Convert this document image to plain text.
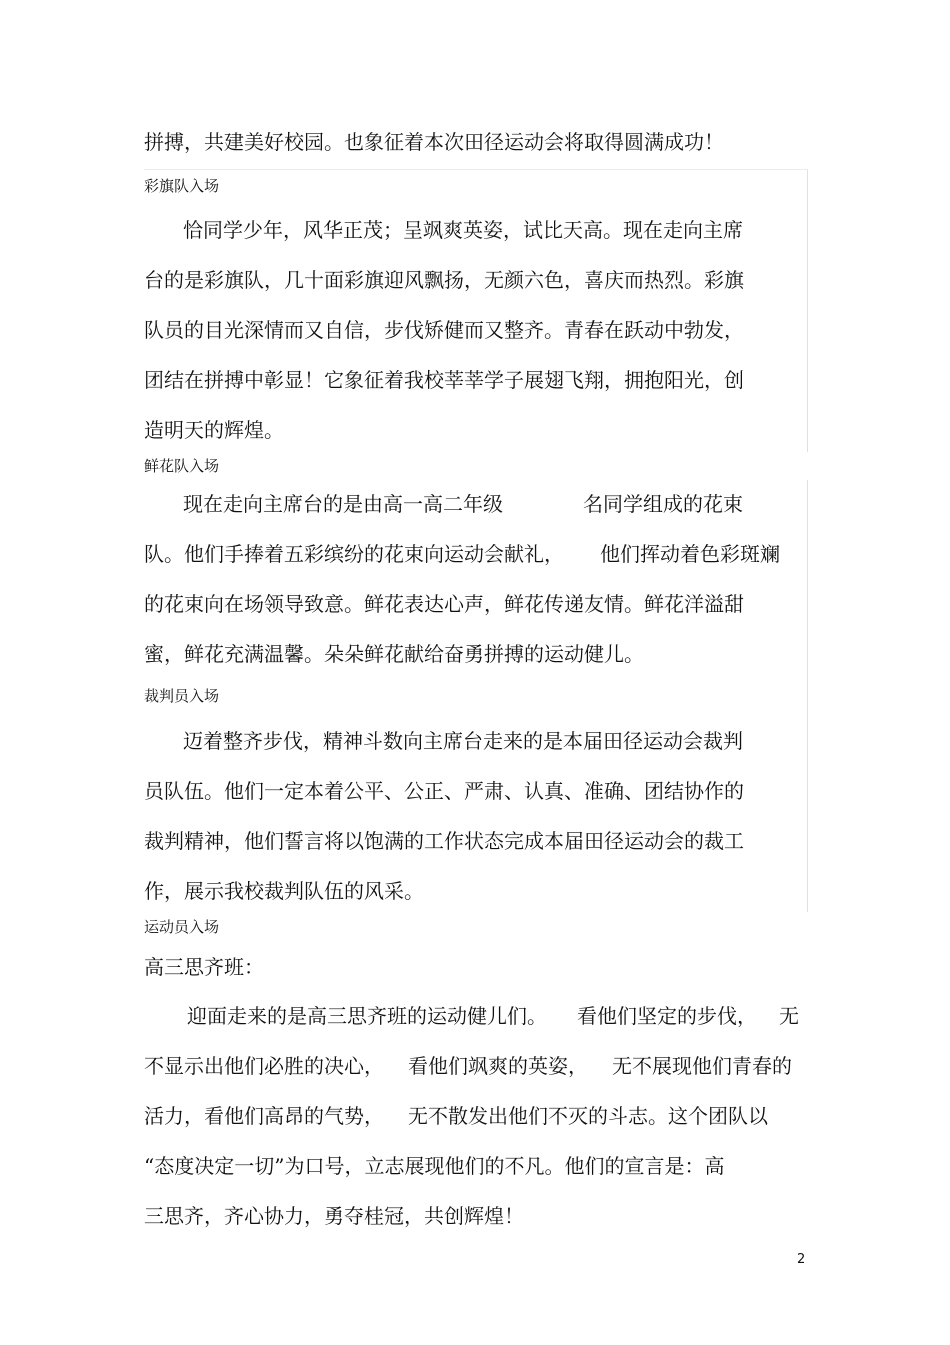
拼搏，共建美好校园。也象征着本次田径运动会将取得圆满成功！
彩旗队入场
恰同学少年，风华正茂；呈飒爽英姿，试比天高。现在走向主席
台的是彩旗队，几十面彩旗迎风飘扬，无颜六色，喜庆而热烈。彩旗
队员的目光深情而又自信，步伐矫健而又整齐。青春在跃动中勃发，
团结在拼搏中彰显！它象征着我校莘莘学子展翅飞翔，拥抱阳光，创
造明天的辉煌。
鲜花队入场
现在走向主席台的是由高一高二年级	名同学组成的花束
队。他们手捧着五彩缤纷的花束向运动会献礼， 他们挥动着色彩斑斓
的花束向在场领导致意。鲜花表达心声，鲜花传递友情。鲜花洋溢甜
蜜，鲜花充满温馨。朵朵鲜花献给奋勇拼搏的运动健儿。
裁判员入场
迈着整齐步伐，精神斗数向主席台走来的是本届田径运动会裁判
员队伍。他们一定本着公平、公正、严肃、认真、准确、团结协作的
裁判精神，他们誓言将以饱满的工作状态完成本届田径运动会的裁工
作，展示我校裁判队伍的风采。
运动员入场
高三思齐班：
迎面走来的是高三思齐班的运动健儿们。 看他们坚定的步伐， 无
不显示出他们必胜的决心， 看他们飒爽的英姿， 无不展现他们青春的
活力，看他们高昂的气势， 无不散发出他们不灭的斗志。这个团队以
“态度决定一切”为口号，立志展现他们的不凡。他们的宣言是：高
三思齐，齐心协力，勇夺桂冠，共创辉煌！
2
